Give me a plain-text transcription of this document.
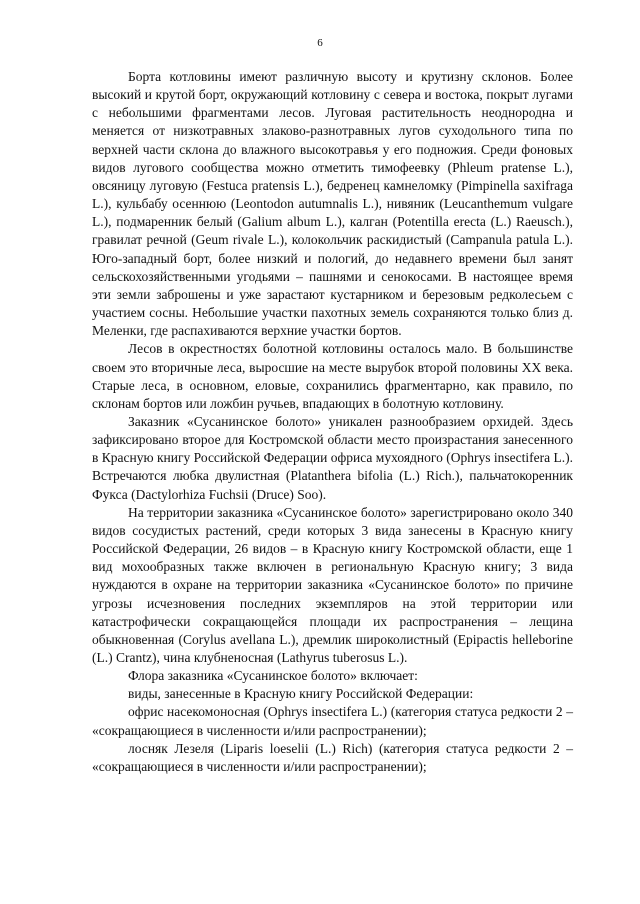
6

Борта котловины имеют различную высоту и крутизну склонов. Более высокий и крутой борт, окружающий котловину с севера и востока, покрыт лугами с небольшими фрагментами лесов. Луговая растительность неоднородна и меняется от низкотравных злаково-разнотравных лугов суходольного типа по верхней части склона до влажного высокотравья у его подножия. Среди фоновых видов лугового сообщества можно отметить тимофеевку (Phleum pratense L.), овсяницу луговую (Festuca pratensis L.), бедренец камнеломку (Pimpinella saxifraga L.), кульбабу осеннюю (Leontodon autumnalis L.), нивяник (Leucanthemum vulgare L.), подмаренник белый (Galium album L.), калган (Potentilla erecta (L.) Raeusch.), гравилат речной (Geum rivale L.), колокольчик раскидистый (Campanula patula L.). Юго-западный борт, более низкий и пологий, до недавнего времени был занят сельскохозяйственными угодьями – пашнями и сенокосами. В настоящее время эти земли заброшены и уже зарастают кустарником и березовым редколесьем с участием сосны. Небольшие участки пахотных земель сохраняются только близ д. Меленки, где распахиваются верхние участки бортов.

Лесов в окрестностях болотной котловины осталось мало. В большинстве своем это вторичные леса, выросшие на месте вырубок второй половины XX века. Старые леса, в основном, еловые, сохранились фрагментарно, как правило, по склонам бортов или ложбин ручьев, впадающих в болотную котловину.

Заказник «Сусанинское болото» уникален разнообразием орхидей. Здесь зафиксировано второе для Костромской области место произрастания занесенного в Красную книгу Российской Федерации офриса мухоядного (Ophrys insectifera L.). Встречаются любка двулистная (Platanthera bifolia (L.) Rich.), пальчатокоренник Фукса (Dactylorhiza Fuchsii (Druce) Soo).

На территории заказника «Сусанинское болото» зарегистрировано около 340 видов сосудистых растений, среди которых 3 вида занесены в Красную книгу Российской Федерации, 26 видов – в Красную книгу Костромской области, еще 1 вид мохообразных также включен в региональную Красную книгу; 3 вида нуждаются в охране на территории заказника «Сусанинское болото» по причине угрозы исчезновения последних экземпляров на этой территории или катастрофически сокращающейся площади их распространения – лещина обыкновенная (Corylus avellana L.), дремлик широколистный (Epipactis helleborine (L.) Crantz), чина клубненосная (Lathyrus tuberosus L.).

Флора заказника «Сусанинское болото» включает:

виды, занесенные в Красную книгу Российской Федерации:

офрис насекомоносная (Ophrys insectifera L.) (категория статуса редкости 2 – «сокращающиеся в численности и/или распространении);

лосняк Лезеля (Liparis loeselii (L.) Rich) (категория статуса редкости 2 – «сокращающиеся в численности и/или распространении);
